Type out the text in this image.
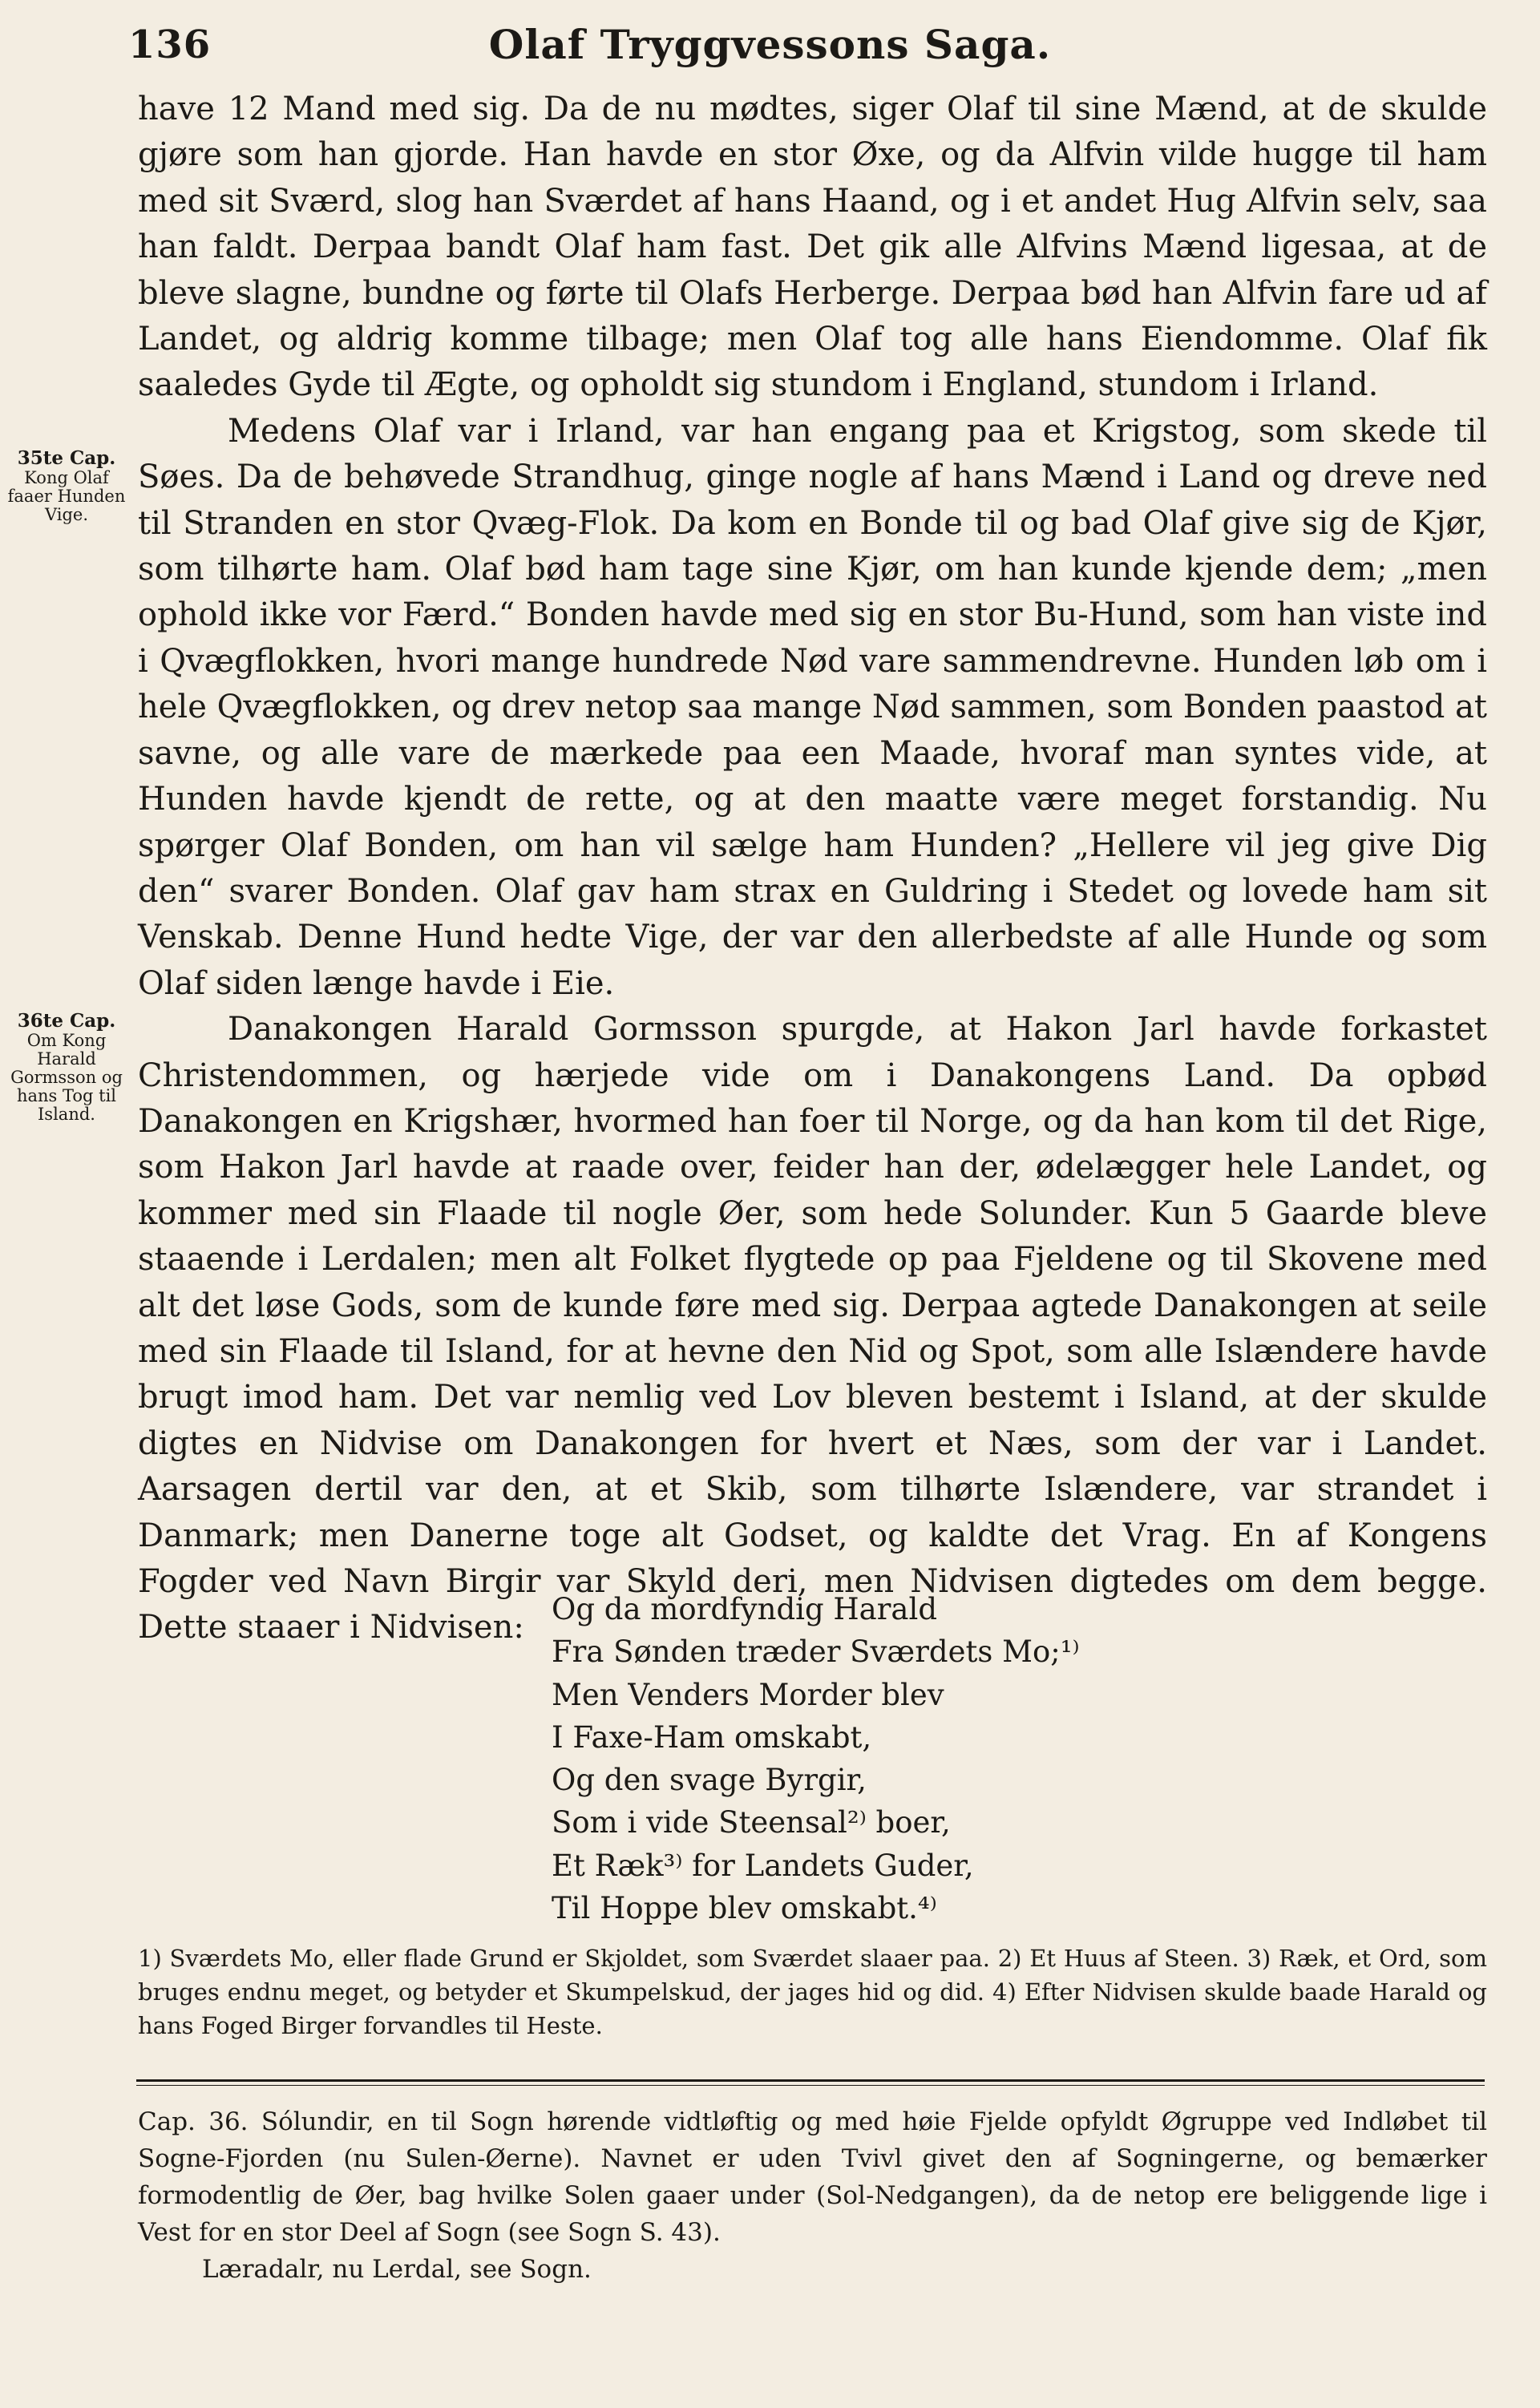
136	Olaf Tryggvessons Saga.
35te Cap.
Kong Olaf faaer Hunden Vige.
36te Cap.
Om Kong Harald Gormsson og hans Tog til Island.

have 12 Mand med sig. Da de nu mødtes, siger Olaf til sine Mænd, at de skulde gjøre som han gjorde. Han havde en stor Øxe, og da Alfvin vilde hugge til ham med sit Sværd, slog han Sværdet af hans Haand, og i et andet Hug Alfvin selv, saa han faldt. Derpaa bandt Olaf ham fast. Det gik alle Alfvins Mænd ligesaa, at de bleve slagne, bundne og førte til Olafs Herberge. Derpaa bød han Alfvin fare ud af Landet, og aldrig komme tilbage; men Olaf tog alle hans Eiendomme. Olaf fik saaledes Gyde til Ægte, og opholdt sig stundom i England, stundom i Irland.

Medens Olaf var i Irland, var han engang paa et Krigstog, som skede til Søes. Da de behøvede Strandhug, ginge nogle af hans Mænd i Land og dreve ned til Stranden en stor Qvæg-Flok. Da kom en Bonde til og bad Olaf give sig de Kjør, som tilhørte ham. Olaf bød ham tage sine Kjør, om han kunde kjende dem; „men ophold ikke vor Færd.“ Bonden havde med sig en stor Bu-Hund, som han viste ind i Qvægflokken, hvori mange hundrede Nød vare sammendrevne. Hunden løb om i hele Qvægflokken, og drev netop saa mange Nød sammen, som Bonden paastod at savne, og alle vare de mærkede paa een Maade, hvoraf man syntes vide, at Hunden havde kjendt de rette, og at den maatte være meget forstandig. Nu spørger Olaf Bonden, om han vil sælge ham Hunden? „Hellere vil jeg give Dig den“ svarer Bonden. Olaf gav ham strax en Guldring i Stedet og lovede ham sit Venskab. Denne Hund hedte Vige, der var den allerbedste af alle Hunde og som Olaf siden længe havde i Eie.

Danakongen Harald Gormsson spurgde, at Hakon Jarl havde forkastet Christendommen, og hærjede vide om i Danakongens Land. Da opbød Danakongen en Krigshær, hvormed han foer til Norge, og da han kom til det Rige, som Hakon Jarl havde at raade over, feider han der, ødelægger hele Landet, og kommer med sin Flaade til nogle Øer, som hede Solunder. Kun 5 Gaarde bleve staaende i Lerdalen; men alt Folket flygtede op paa Fjeldene og til Skovene med alt det løse Gods, som de kunde føre med sig. Derpaa agtede Danakongen at seile med sin Flaade til Island, for at hevne den Nid og Spot, som alle Islændere havde brugt imod ham. Det var nemlig ved Lov bleven bestemt i Island, at der skulde digtes en Nidvise om Danakongen for hvert et Næs, som der var i Landet. Aarsagen dertil var den, at et Skib, som tilhørte Islændere, var strandet i Danmark; men Danerne toge alt Godset, og kaldte det Vrag. En af Kongens Fogder ved Navn Birgir var Skyld deri, men Nidvisen digtedes om dem begge. Dette staaer i Nidvisen: Og da mordfyndig Harald
Fra Sønden træder Sværdets Mo;¹⁾
Men Venders Morder blev
I Faxe-Ham omskabt,
Og den svage Byrgir,
Som i vide Steensal²⁾ boer,
Et Ræk³⁾ for Landets Guder,
Til Hoppe blev omskabt.⁴⁾

1) Sværdets Mo, eller flade Grund er Skjoldet, som Sværdet slaaer paa. 2) Et Huus af Steen. 3) Ræk, et Ord, som bruges endnu meget, og betyder et Skumpelskud, der jages hid og did. 4) Efter Nidvisen skulde baade Harald og hans Foged Birger forvandles til Heste.

Cap. 36. Sólundir, en til Sogn hørende vidtløftig og med høie Fjelde opfyldt Øgruppe ved Indløbet til Sogne-Fjorden (nu Sulen-Øerne). Navnet er uden Tvivl givet den af Sogningerne, og bemærker formodentlig de Øer, bag hvilke Solen gaaer under (Sol-Nedgangen), da de netop ere beliggende lige i Vest for en stor Deel af Sogn (see Sogn S. 43).

Læradalr, nu Lerdal, see Sogn.
